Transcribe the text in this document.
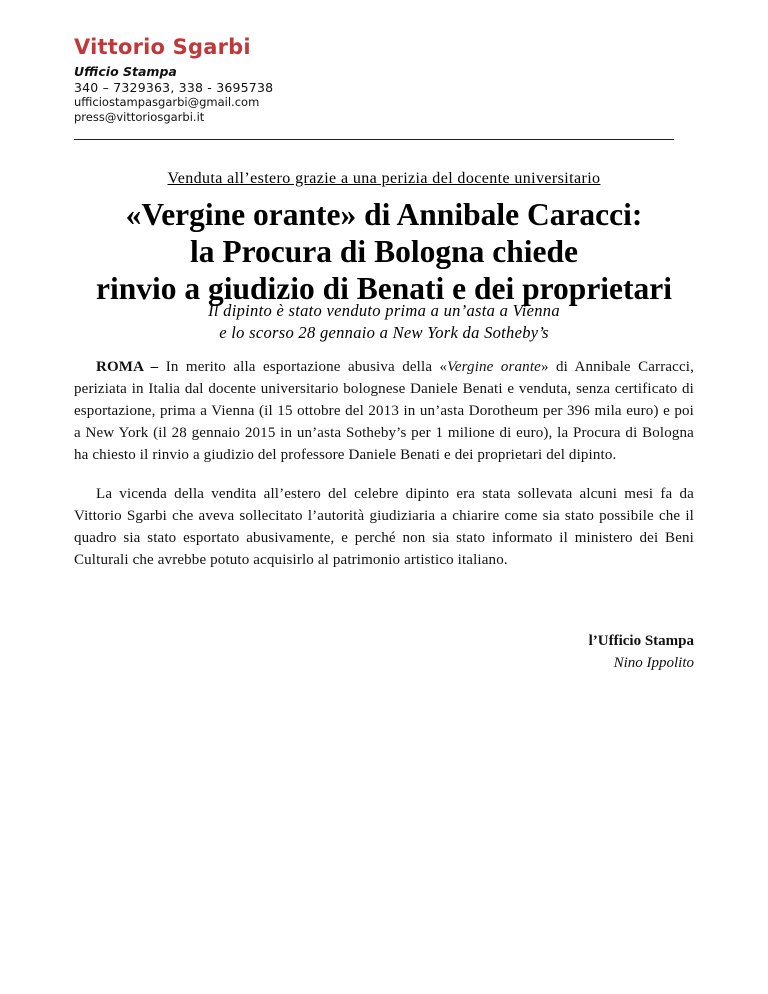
Vittorio Sgarbi
Ufficio Stampa
340 – 7329363, 338 - 3695738
ufficiostampasgarbi@gmail.com
press@vittoriosgarbi.it
Venduta all’estero grazie a una perizia del docente universitario
«Vergine orante» di Annibale Caracci:
la Procura di Bologna chiede
rinvio a giudizio di Benati e dei proprietari
Il dipinto è stato venduto prima a un’asta a Vienna
e lo scorso 28 gennaio a New York da Sotheby’s

ROMA – In merito alla esportazione abusiva della «Vergine orante» di Annibale Carracci, periziata in Italia dal docente universitario bolognese Daniele Benati e venduta, senza certificato di esportazione, prima a Vienna (il 15 ottobre del 2013 in un’asta Dorotheum per 396 mila euro) e poi a New York (il 28 gennaio 2015 in un’asta Sotheby’s per 1 milione di euro), la Procura di Bologna ha chiesto il rinvio a giudizio del professore Daniele Benati e dei proprietari del dipinto.

La vicenda della vendita all’estero del celebre dipinto era stata sollevata alcuni mesi fa da Vittorio Sgarbi che aveva sollecitato l’autorità giudiziaria a chiarire come sia stato possibile che il quadro sia stato esportato abusivamente, e perché non sia stato informato il ministero dei Beni Culturali che avrebbe potuto acquisirlo al patrimonio artistico italiano.

l’Ufficio Stampa
Nino Ippolito
